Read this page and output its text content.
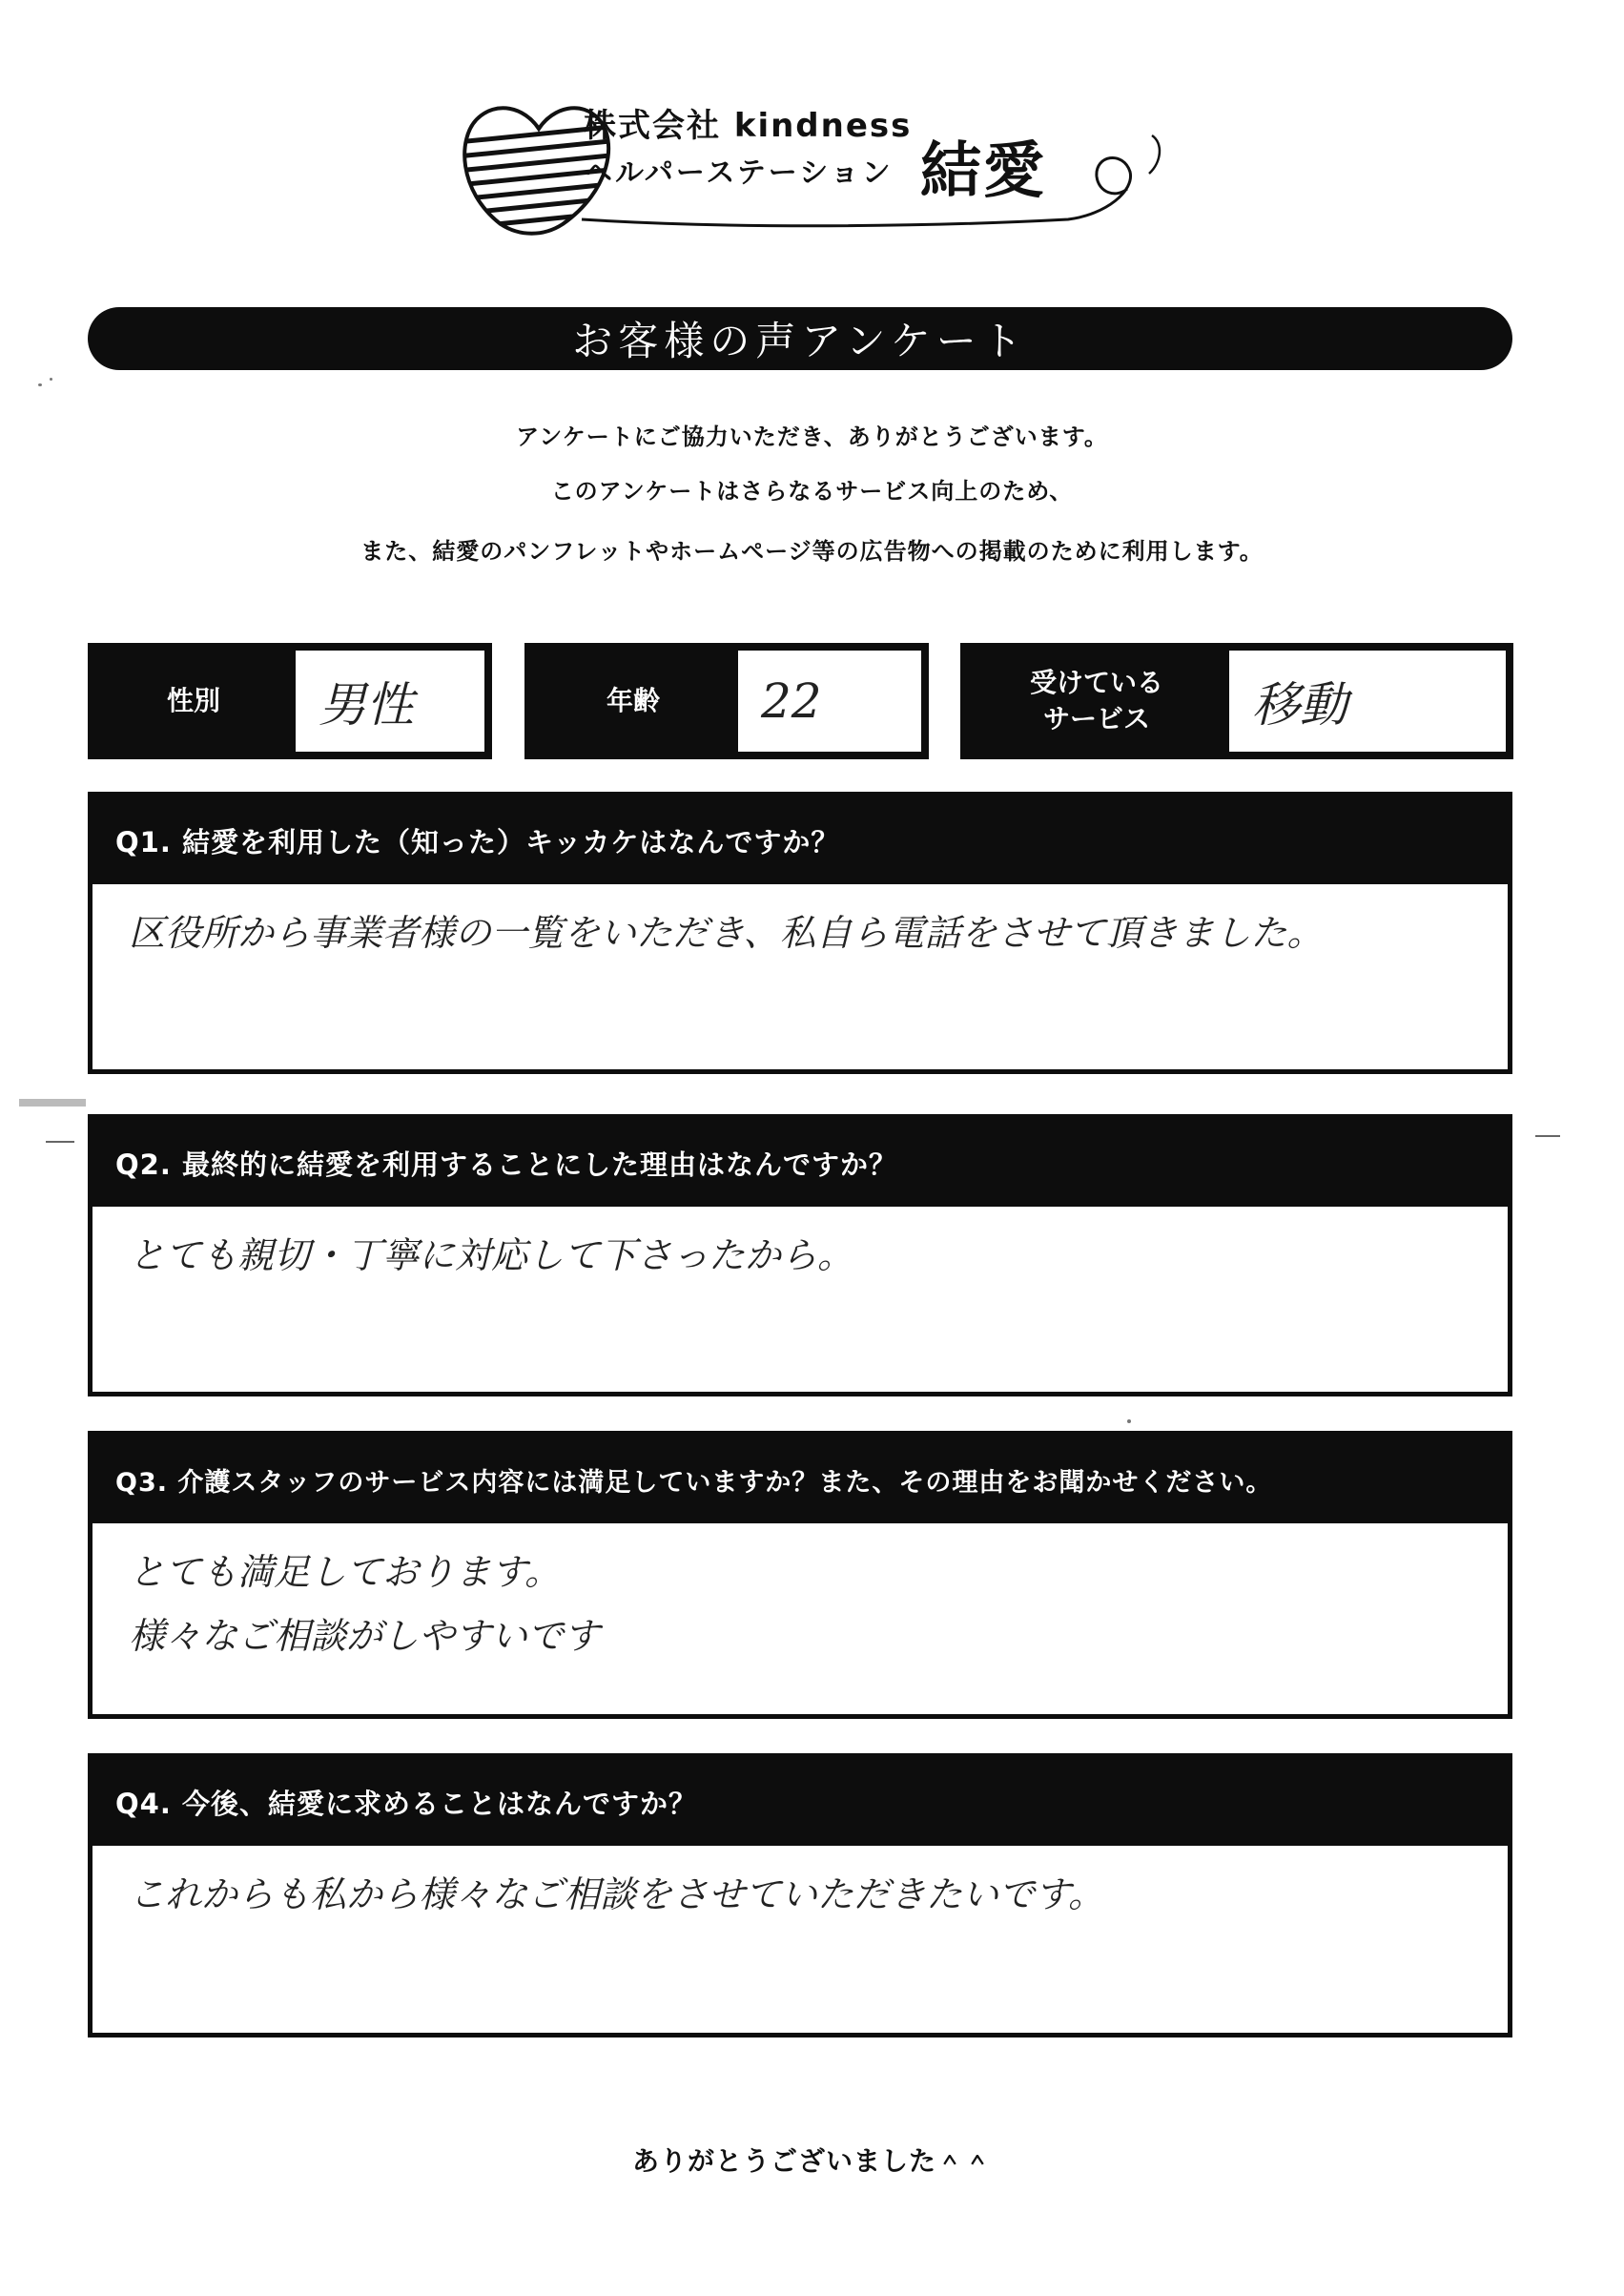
株式会社 kindness
ヘルパーステーション 結愛
お客様の声アンケート
アンケートにご協力いただき、ありがとうございます。
このアンケートはさらなるサービス向上のため、
また、結愛のパンフレットやホームページ等の広告物への掲載のために利用します。
性別	男性	年齢	22	受けている
サービス	移動
Q1. 結愛を利用した（知った）キッカケはなんですか？
区役所から事業者様の一覧をいただき、私自ら電話をさせて頂きました。
Q2. 最終的に結愛を利用することにした理由はなんですか？
とても親切・丁寧に対応して下さったから。
Q3. 介護スタッフのサービス内容には満足していますか？また、その理由をお聞かせください。
とても満足しております。
様々なご相談がしやすいです
Q4. 今後、結愛に求めることはなんですか？
これからも私から様々なご相談をさせていただきたいです。
ありがとうございました＾＾
